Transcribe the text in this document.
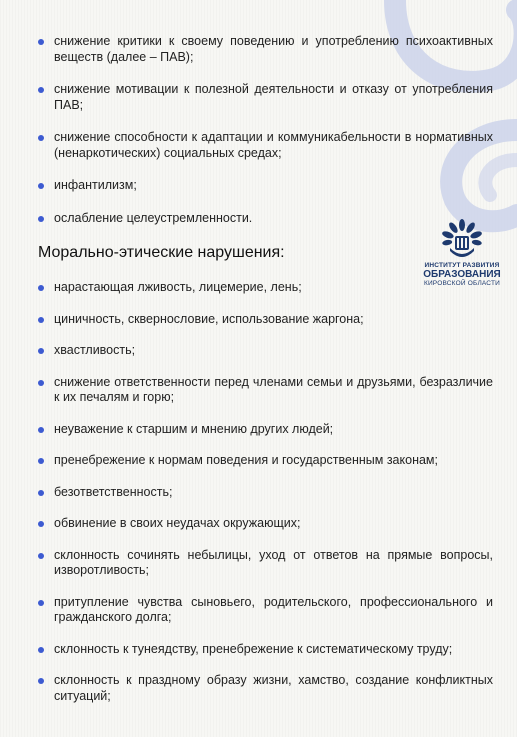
снижение критики к своему поведению и употреблению психоактивных веществ (далее – ПАВ);
снижение мотивации к полезной деятельности и отказу от употребления ПАВ;
снижение способности к адаптации и коммуникабельности в нормативных (ненаркотических) социальных средах;
инфантилизм;
ослабление целеустремленности.
Морально-этические нарушения:
ИНСТИТУТ РАЗВИТИЯ
ОБРАЗОВАНИЯ
КИРОВСКОЙ ОБЛАСТИ
нарастающая лживость, лицемерие, лень;
циничность, сквернословие, использование жаргона;
хвастливость;
снижение ответственности перед членами семьи и друзьями, безразличие к их печалям и горю;
неуважение к старшим и мнению других людей;
пренебрежение к нормам поведения и государственным законам;
безответственность;
обвинение в своих неудачах окружающих;
склонность сочинять небылицы, уход от ответов на прямые вопросы, изворотливость;
притупление чувства сыновьего, родительского, профессионального и гражданского долга;
склонность к тунеядству, пренебрежение к систематическому труду;
склонность к праздному образу жизни, хамство, создание конфликтных ситуаций;
